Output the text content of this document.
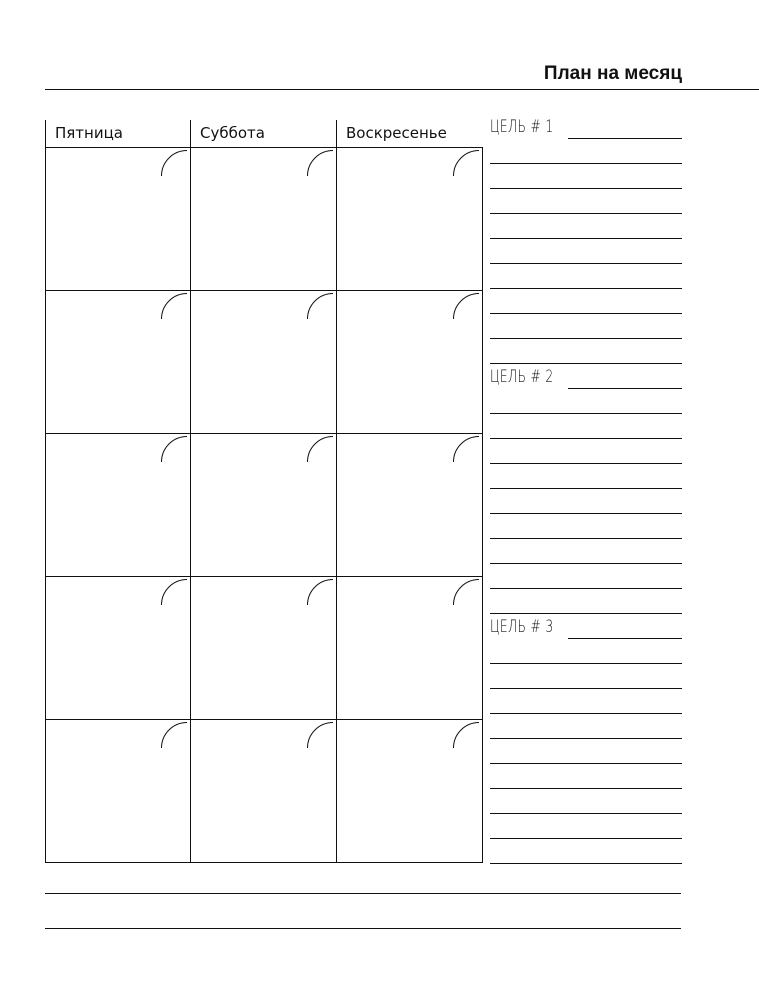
План на месяц
Пятница	Суббота	Воскресенье	ЦЕЛЬ # 1
ЦЕЛЬ # 2
ЦЕЛЬ # 3
